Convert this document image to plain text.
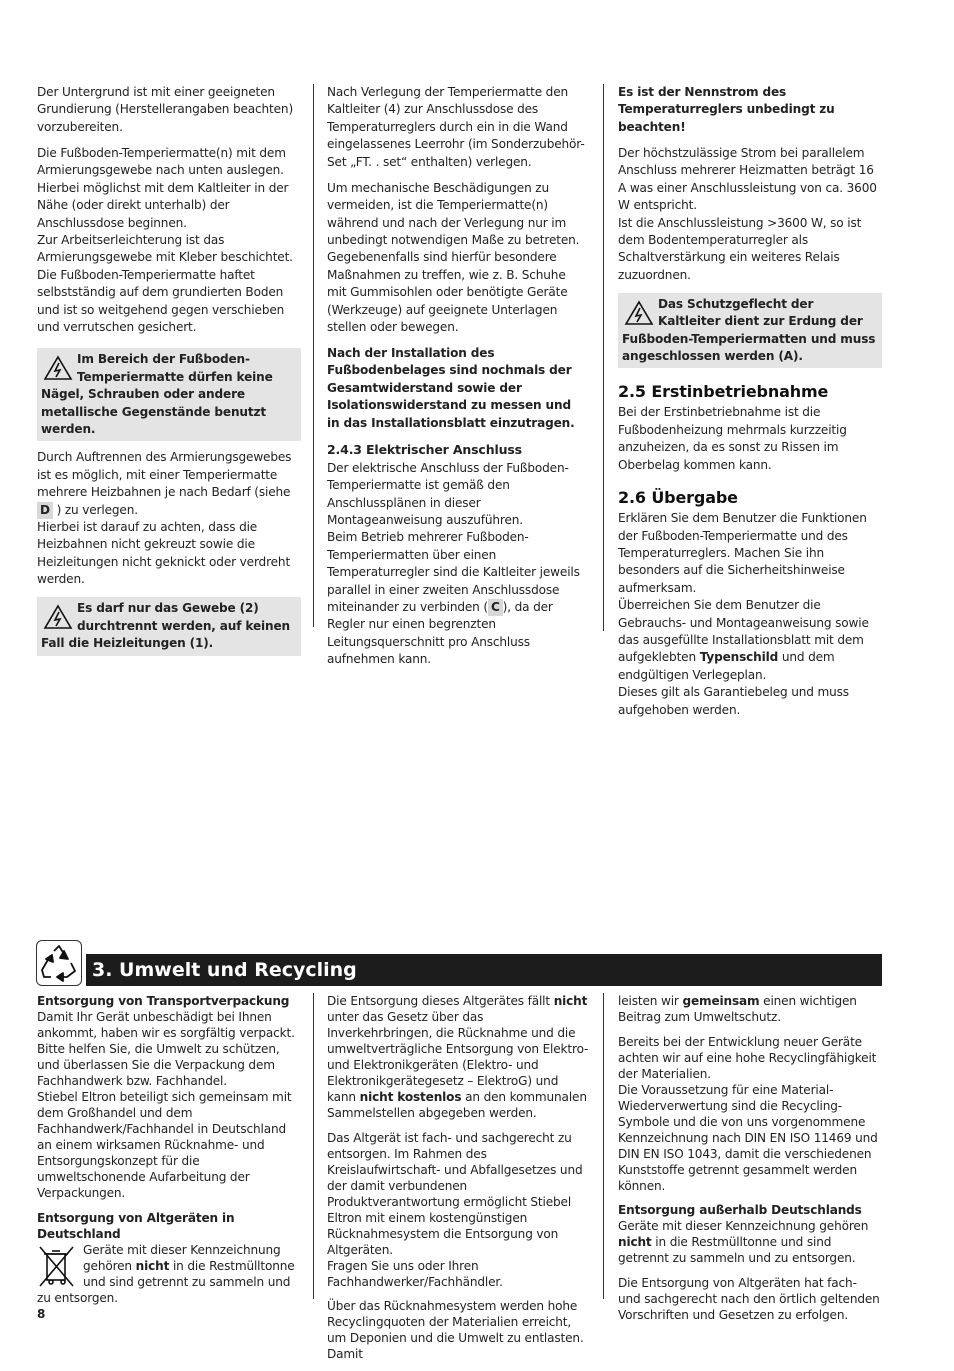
Der Untergrund ist mit einer geeigneten Grundierung (Herstellerangaben beachten) vorzubereiten.

Die Fußboden-Temperiermatte(n) mit dem Armierungsgewebe nach unten auslegen. Hierbei möglichst mit dem Kaltleiter in der Nähe (oder direkt unterhalb) der Anschlussdose beginnen.

Zur Arbeitserleichterung ist das Armierungsgewebe mit Kleber beschichtet. Die Fußboden-Temperiermatte haftet selbstständig auf dem grundierten Boden und ist so weitgehend gegen verschieben und verrutschen gesichert.

Im Bereich der Fußboden-Temperiermatte dürfen keine Nägel, Schrauben oder andere metallische Gegenstände benutzt werden.

Durch Auftrennen des Armierungsgewebes ist es möglich, mit einer Temperiermatte mehrere Heizbahnen je nach Bedarf (siehe D ) zu verlegen.

Hierbei ist darauf zu achten, dass die Heizbahnen nicht gekreuzt sowie die Heizleitungen nicht geknickt oder verdreht werden.

Es darf nur das Gewebe (2) durchtrennt werden, auf keinen Fall die Heizleitungen (1).

Nach Verlegung der Temperiermatte den Kaltleiter (4) zur Anschlussdose des Temperaturreglers durch ein in die Wand eingelassenes Leerrohr (im Sonderzubehör-Set „FT. . set“ enthalten) verlegen.

Um mechanische Beschädigungen zu vermeiden, ist die Temperiermatte(n) während und nach der Verlegung nur im unbedingt notwendigen Maße zu betreten. Gegebenenfalls sind hierfür besondere Maßnahmen zu treffen, wie z. B. Schuhe mit Gummisohlen oder benötigte Geräte (Werkzeuge) auf geeignete Unterlagen stellen oder bewegen.

Nach der Installation des Fußbodenbelages sind nochmals der Gesamtwiderstand sowie der Isolationswiderstand zu messen und in das Installationsblatt einzutragen.

2.4.3 Elektrischer Anschluss

Der elektrische Anschluss der Fußboden-Temperiermatte ist gemäß den Anschlussplänen in dieser Montageanweisung auszuführen.

Beim Betrieb mehrerer Fußboden-Temperiermatten über einen Temperaturregler sind die Kaltleiter jeweils parallel in einer zweiten Anschlussdose miteinander zu verbinden ( C ), da der Regler nur einen begrenzten Leitungsquerschnitt pro Anschluss aufnehmen kann.

Es ist der Nennstrom des Temperaturreglers unbedingt zu beachten!

Der höchstzulässige Strom bei parallelem Anschluss mehrerer Heizmatten beträgt 16 A was einer Anschlussleistung von ca. 3600 W entspricht.

Ist die Anschlussleistung >3600 W, so ist dem Bodentemperaturregler als Schaltverstärkung ein weiteres Relais zuzuordnen.

Das Schutzgeflecht der Kaltleiter dient zur Erdung der Fußboden-Temperiermatten und muss angeschlossen werden (A).
2.5 Erstinbetriebnahme

Bei der Erstinbetriebnahme ist die Fußbodenheizung mehrmals kurzzeitig anzuheizen, da es sonst zu Rissen im Oberbelag kommen kann.

2.6 Übergabe

Erklären Sie dem Benutzer die Funktionen der Fußboden-Temperiermatte und des Temperaturreglers. Machen Sie ihn besonders auf die Sicherheitshinweise aufmerksam.

Überreichen Sie dem Benutzer die Gebrauchs- und Montageanweisung sowie das ausgefüllte Installationsblatt mit dem aufgeklebten Typenschild und dem endgültigen Verlegeplan.

Dieses gilt als Garantiebeleg und muss aufgehoben werden.

3. Umwelt und Recycling

Entsorgung von Transportverpackung

Damit Ihr Gerät unbeschädigt bei Ihnen ankommt, haben wir es sorgfältig verpackt.

Bitte helfen Sie, die Umwelt zu schützen, und überlassen Sie die Verpackung dem Fachhandwerk bzw. Fachhandel.

Stiebel Eltron beteiligt sich gemeinsam mit dem Großhandel und dem Fachhandwerk/Fachhandel in Deutschland an einem wirksamen Rücknahme- und Entsorgungskonzept für die umweltschonende Aufarbeitung der Verpackungen.

Entsorgung von Altgeräten in Deutschland

Geräte mit dieser Kennzeichnung gehören nicht in die Restmülltonne und sind getrennt zu sammeln und zu entsorgen.

Die Entsorgung dieses Altgerätes fällt nicht unter das Gesetz über das Inverkehrbringen, die Rücknahme und die umweltverträgliche Entsorgung von Elektro- und Elektronikgeräten (Elektro- und Elektronikgerätegesetz – ElektroG) und kann nicht kostenlos an den kommunalen Sammelstellen abgegeben werden.

Das Altgerät ist fach- und sachgerecht zu entsorgen. Im Rahmen des Kreislaufwirtschaft- und Abfallgesetzes und der damit verbundenen Produktverantwortung ermöglicht Stiebel Eltron mit einem kostengünstigen Rücknahmesystem die Entsorgung von Altgeräten.

Fragen Sie uns oder Ihren Fachhandwerker/Fachhändler.

Über das Rücknahmesystem werden hohe Recyclingquoten der Materialien erreicht, um Deponien und die Umwelt zu entlasten. Damit

leisten wir gemeinsam einen wichtigen Beitrag zum Umweltschutz.

Bereits bei der Entwicklung neuer Geräte achten wir auf eine hohe Recyclingfähigkeit der Materialien.

Die Voraussetzung für eine Material-Wiederverwertung sind die Recycling-Symbole und die von uns vorgenommene Kennzeichnung nach DIN EN ISO 11469 und DIN EN ISO 1043, damit die verschiedenen Kunststoffe getrennt gesammelt werden können.

Entsorgung außerhalb Deutschlands

Geräte mit dieser Kennzeichnung gehören nicht in die Restmülltonne und sind getrennt zu sammeln und zu entsorgen.

Die Entsorgung von Altgeräten hat fach- und sachgerecht nach den örtlich geltenden Vorschriften und Gesetzen zu erfolgen.

8
